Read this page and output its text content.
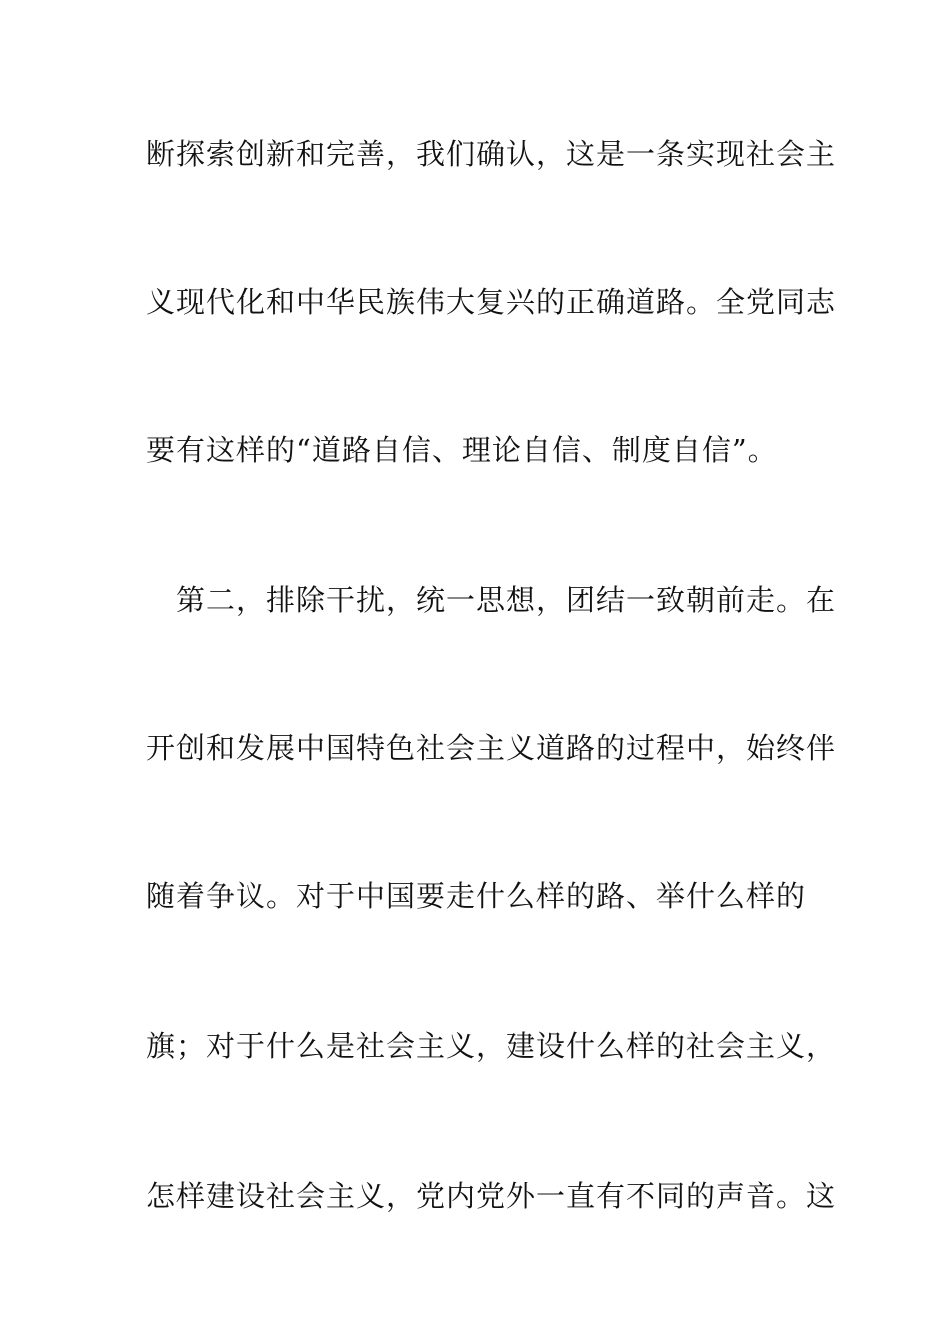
断探索创新和完善，我们确认，这是一条实现社会主
义现代化和中华民族伟大复兴的正确道路。全党同志
要有这样的“道路自信、理论自信、制度自信”。
　第二，排除干扰，统一思想，团结一致朝前走。在
开创和发展中国特色社会主义道路的过程中，始终伴
随着争议。对于中国要走什么样的路、举什么样的
旗；对于什么是社会主义，建设什么样的社会主义，
怎样建设社会主义，党内党外一直有不同的声音。这
